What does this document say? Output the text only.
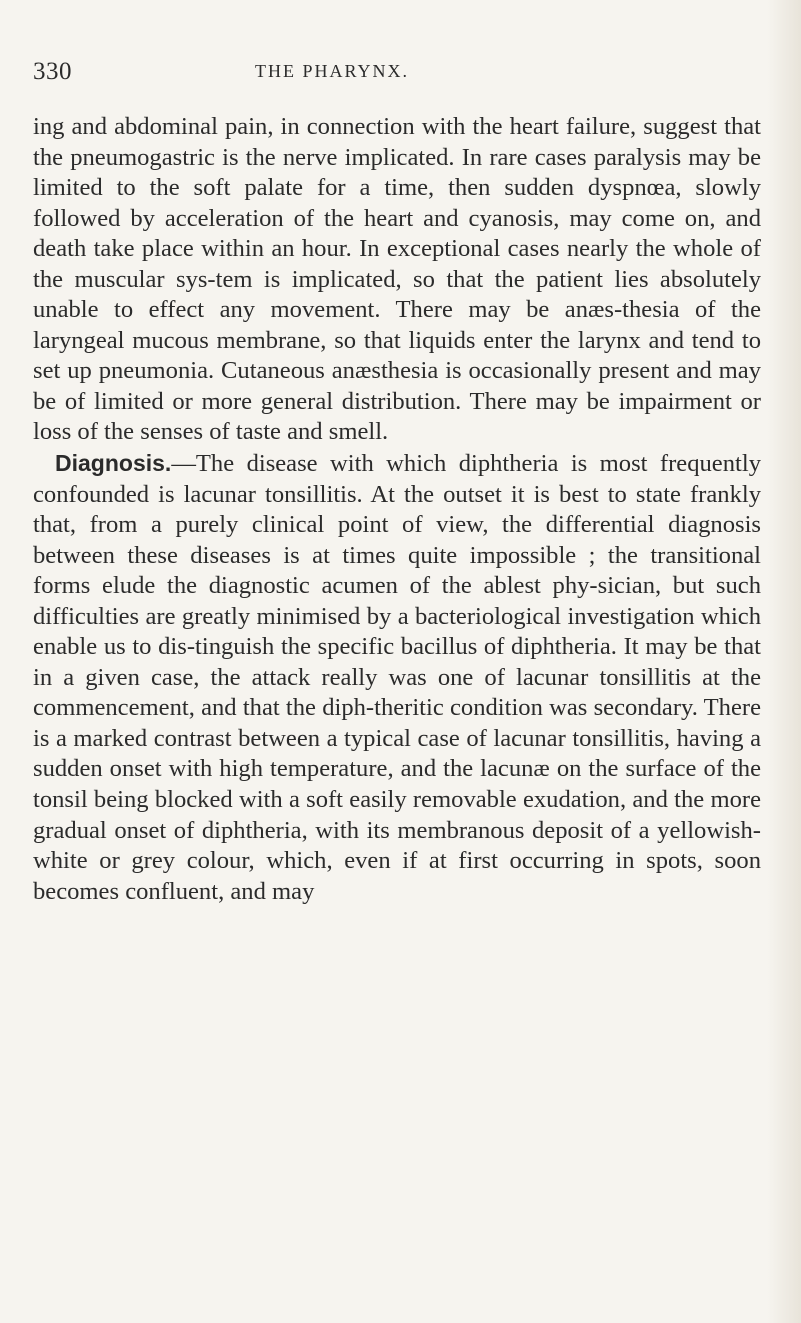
330	THE PHARYNX.

ing and abdominal pain, in connection with the heart failure, suggest that the pneumogastric is the nerve implicated. In rare cases paralysis may be limited to the soft palate for a time, then sudden dyspnœa, slowly followed by acceleration of the heart and cyanosis, may come on, and death take place within an hour. In exceptional cases nearly the whole of the muscular sys-tem is implicated, so that the patient lies absolutely unable to effect any movement. There may be anæs-thesia of the laryngeal mucous membrane, so that liquids enter the larynx and tend to set up pneumonia. Cutaneous anæsthesia is occasionally present and may be of limited or more general distribution. There may be impairment or loss of the senses of taste and smell.

Diagnosis.—The disease with which diphtheria is most frequently confounded is lacunar tonsillitis. At the outset it is best to state frankly that, from a purely clinical point of view, the differential diagnosis between these diseases is at times quite impossible ; the transitional forms elude the diagnostic acumen of the ablest phy-sician, but such difficulties are greatly minimised by a bacteriological investigation which enable us to dis-tinguish the specific bacillus of diphtheria. It may be that in a given case, the attack really was one of lacunar tonsillitis at the commencement, and that the diph-theritic condition was secondary. There is a marked contrast between a typical case of lacunar tonsillitis, having a sudden onset with high temperature, and the lacunæ on the surface of the tonsil being blocked with a soft easily removable exudation, and the more gradual onset of diphtheria, with its membranous deposit of a yellowish-white or grey colour, which, even if at first occurring in spots, soon becomes confluent, and may
